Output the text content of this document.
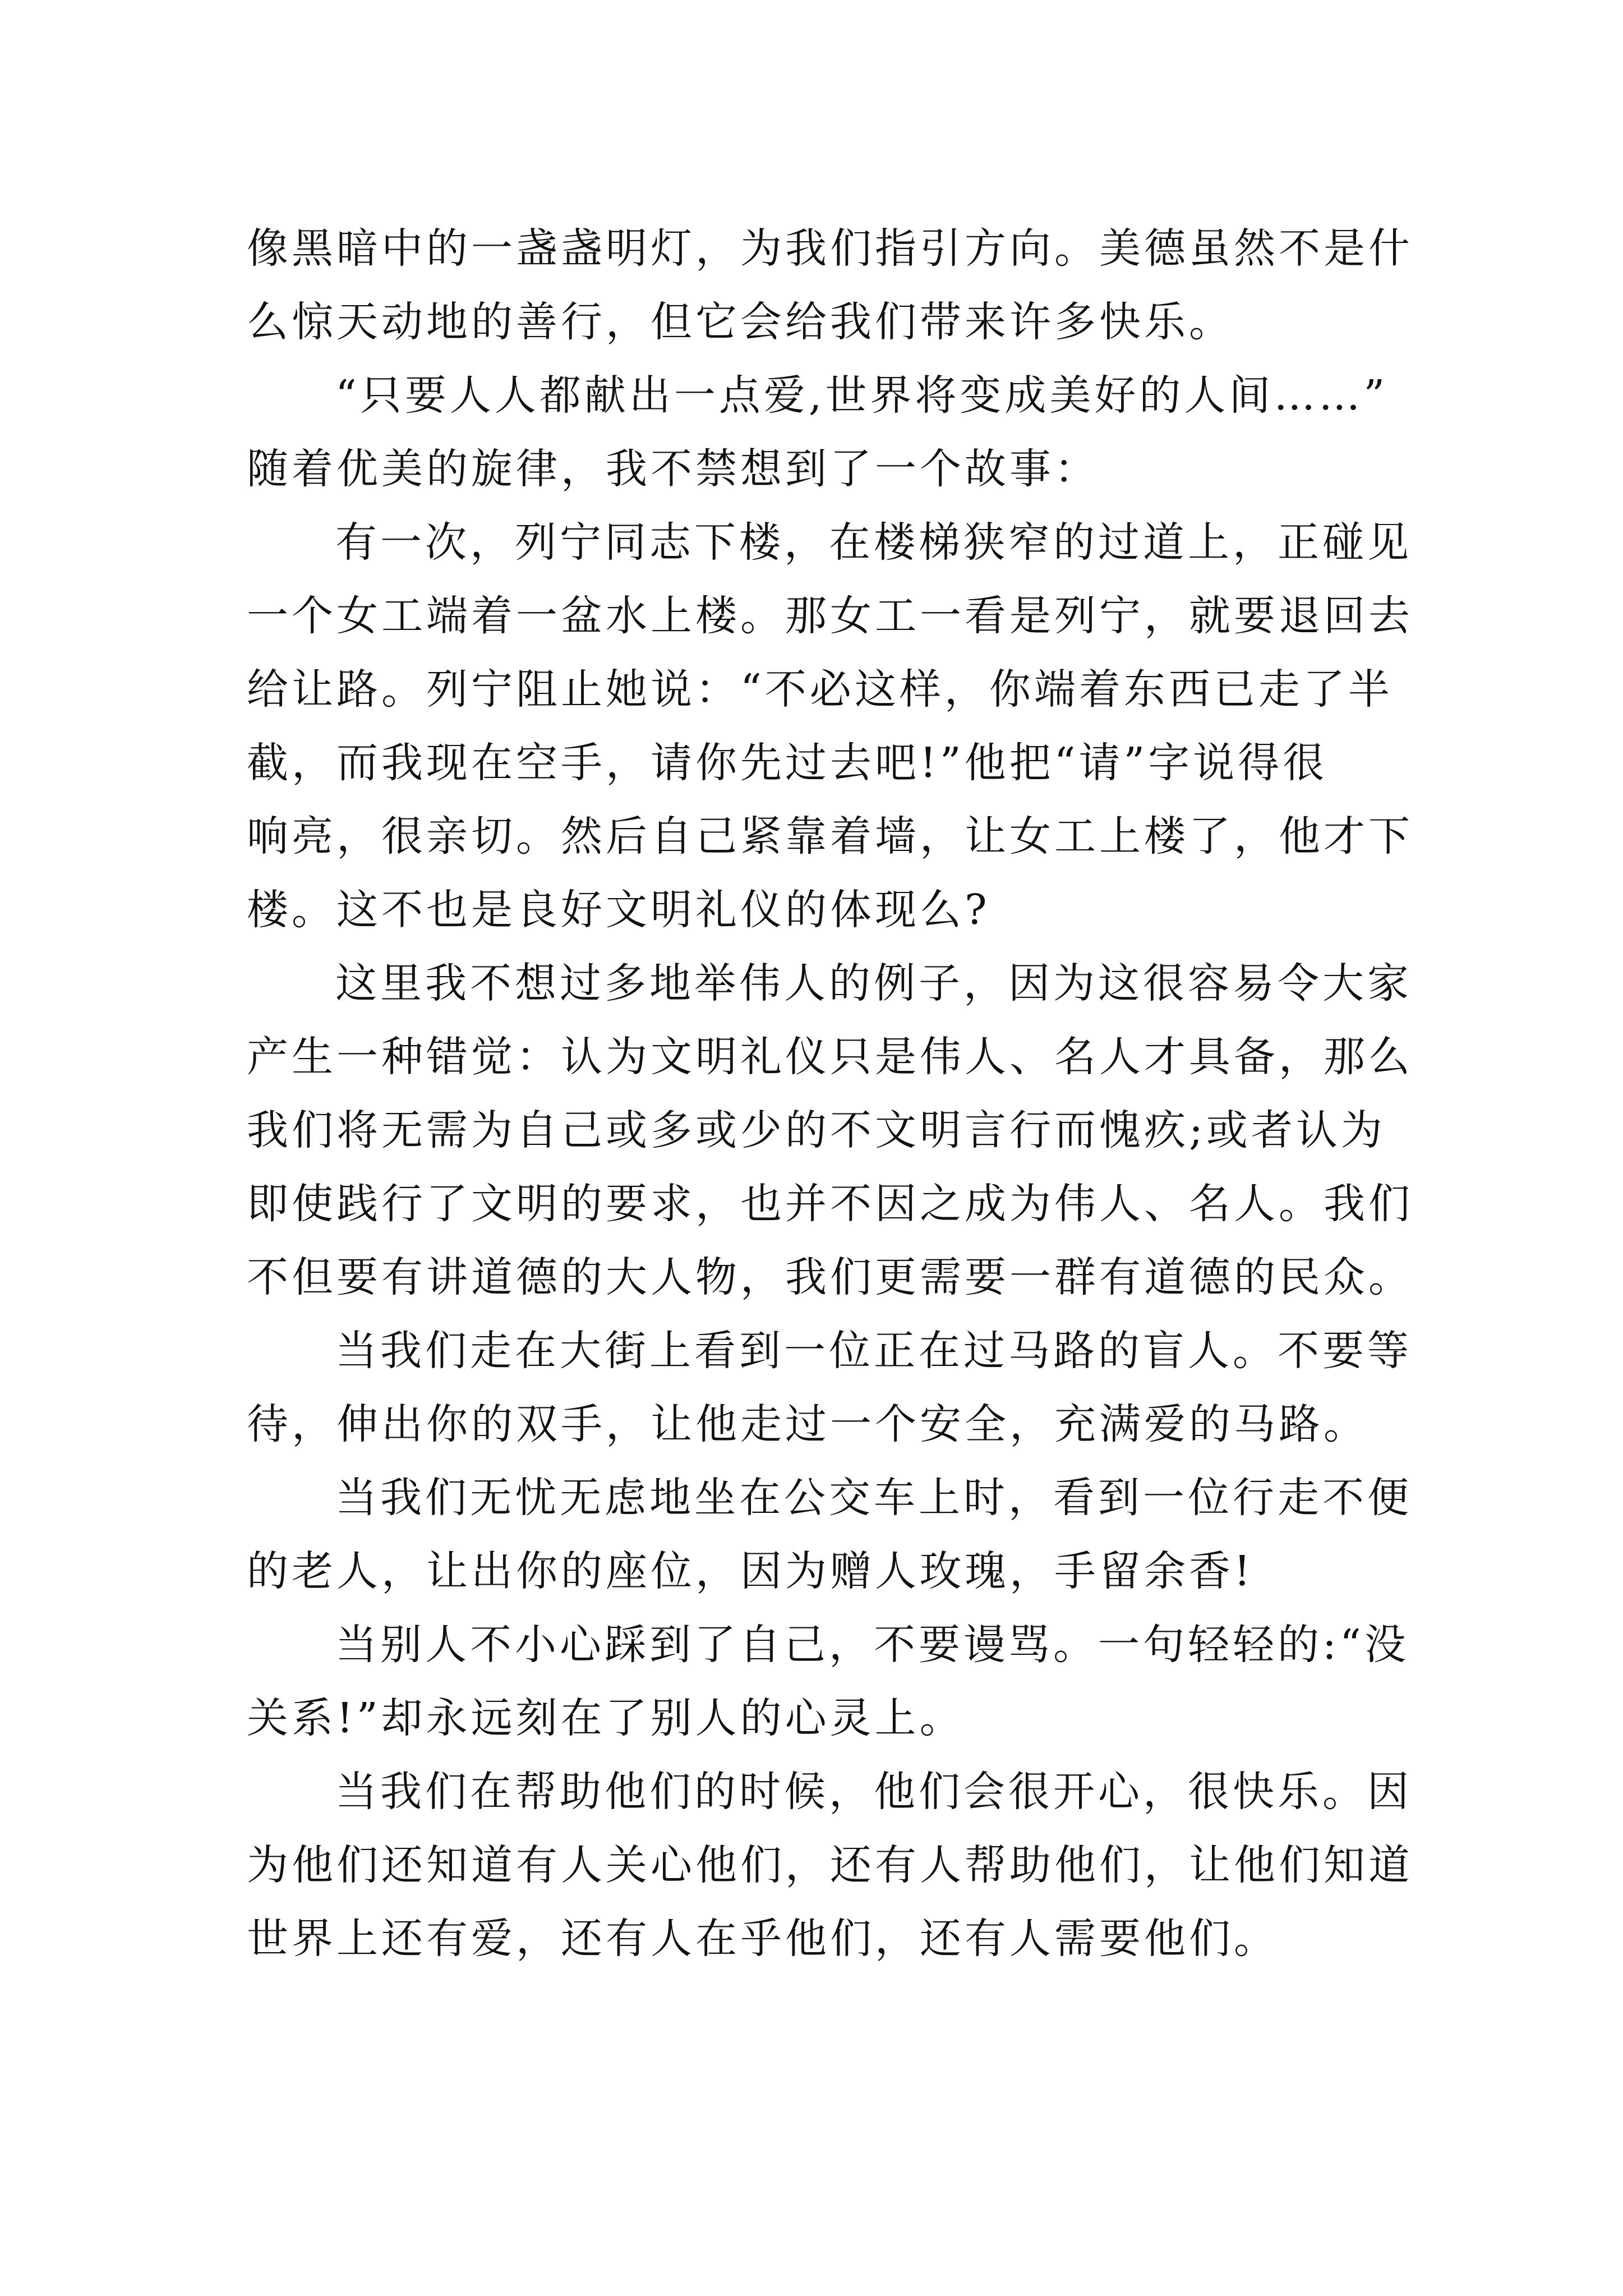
像黑暗中的一盏盏明灯，为我们指引方向。美德虽然不是什
么惊天动地的善行，但它会给我们带来许多快乐。

“只要人人都献出一点爱,世界将变成美好的人间……”
随着优美的旋律，我不禁想到了一个故事：

有一次，列宁同志下楼，在楼梯狭窄的过道上，正碰见
一个女工端着一盆水上楼。那女工一看是列宁，就要退回去
给让路。列宁阻止她说：“不必这样，你端着东西已走了半
截，而我现在空手，请你先过去吧!”他把“请”字说得很
响亮，很亲切。然后自己紧靠着墙，让女工上楼了，他才下
楼。这不也是良好文明礼仪的体现么?

这里我不想过多地举伟人的例子，因为这很容易令大家
产生一种错觉：认为文明礼仪只是伟人、名人才具备，那么
我们将无需为自己或多或少的不文明言行而愧疚;或者认为
即使践行了文明的要求，也并不因之成为伟人、名人。我们
不但要有讲道德的大人物，我们更需要一群有道德的民众。

当我们走在大街上看到一位正在过马路的盲人。不要等
待，伸出你的双手，让他走过一个安全，充满爱的马路。

当我们无忧无虑地坐在公交车上时，看到一位行走不便
的老人，让出你的座位，因为赠人玫瑰，手留余香!

当别人不小心踩到了自己，不要谩骂。一句轻轻的:“没
关系!”却永远刻在了别人的心灵上。

当我们在帮助他们的时候，他们会很开心，很快乐。因
为他们还知道有人关心他们，还有人帮助他们，让他们知道
世界上还有爱，还有人在乎他们，还有人需要他们。
